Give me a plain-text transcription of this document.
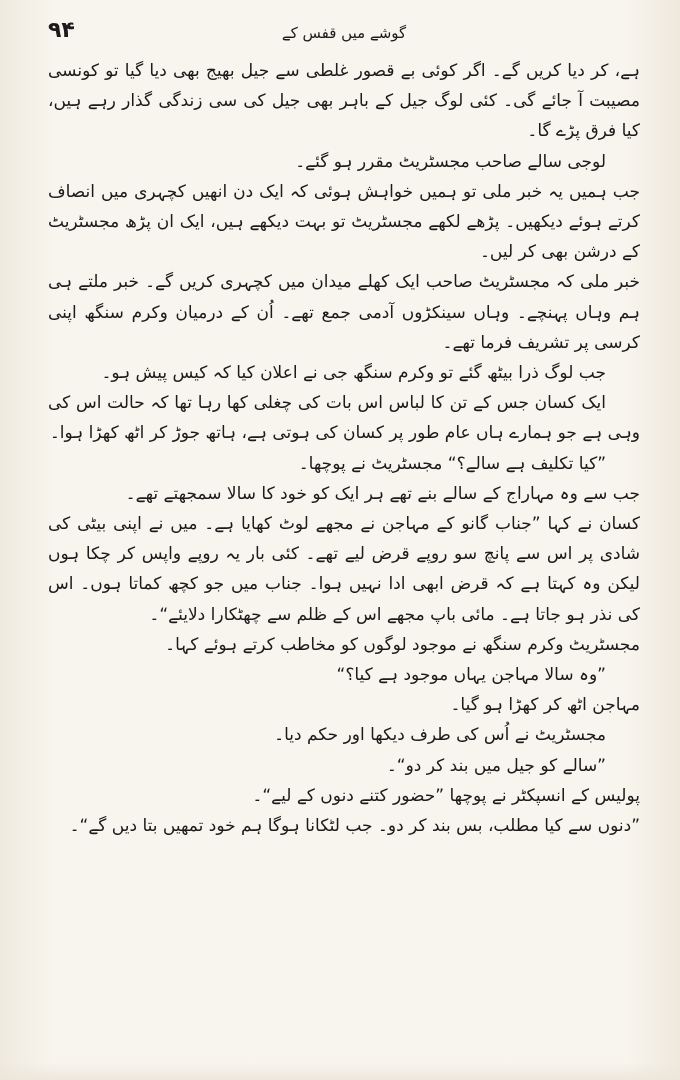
۹۴	گوشے میں قفس کے

ہے، کر دیا کریں گے۔ اگر کوئی بے قصور غلطی سے جیل بھیج بھی دیا گیا تو کونسی مصیبت آ جائے گی۔ کئی لوگ جیل کے باہر بھی جیل کی سی زندگی گذار رہے ہیں، کیا فرق پڑے گا۔

لوجی سالے صاحب مجسٹریٹ مقرر ہو گئے۔

جب ہمیں یہ خبر ملی تو ہمیں خواہش ہوئی کہ ایک دن انھیں کچہری میں انصاف کرتے ہوئے دیکھیں۔ پڑھے لکھے مجسٹریٹ تو بہت دیکھے ہیں، ایک ان پڑھ مجسٹریٹ کے درشن بھی کر لیں۔

خبر ملی کہ مجسٹریٹ صاحب ایک کھلے میدان میں کچہری کریں گے۔ خبر ملتے ہی ہم وہاں پہنچے۔ وہاں سینکڑوں آدمی جمع تھے۔ اُن کے درمیان وکرم سنگھ اپنی کرسی پر تشریف فرما تھے۔

جب لوگ ذرا بیٹھ گئے تو وکرم سنگھ جی نے اعلان کیا کہ کیس پیش ہو۔

ایک کسان جس کے تن کا لباس اس بات کی چغلی کھا رہا تھا کہ حالت اس کی وہی ہے جو ہمارے ہاں عام طور پر کسان کی ہوتی ہے، ہاتھ جوڑ کر اٹھ کھڑا ہوا۔

”کیا تکلیف ہے سالے؟“ مجسٹریٹ نے پوچھا۔

جب سے وہ مہاراج کے سالے بنے تھے ہر ایک کو خود کا سالا سمجھتے تھے۔

کسان نے کہا ”جناب گانو کے مہاجن نے مجھے لوٹ کھایا ہے۔ میں نے اپنی بیٹی کی شادی پر اس سے پانچ سو روپے قرض لیے تھے۔ کئی بار یہ روپے واپس کر چکا ہوں لیکن وہ کہتا ہے کہ قرض ابھی ادا نہیں ہوا۔ جناب میں جو کچھ کماتا ہوں۔ اس کی نذر ہو جاتا ہے۔ مائی باپ مجھے اس کے ظلم سے چھٹکارا دلایئے“۔

مجسٹریٹ وکرم سنگھ نے موجود لوگوں کو مخاطب کرتے ہوئے کہا۔

”وہ سالا مہاجن یہاں موجود ہے کیا؟“

مہاجن اٹھ کر کھڑا ہو گیا۔

مجسٹریٹ نے اُس کی طرف دیکھا اور حکم دیا۔

”سالے کو جیل میں بند کر دو“۔

پولیس کے انسپکٹر نے پوچھا ”حضور کتنے دنوں کے لیے“۔

”دنوں سے کیا مطلب، بس بند کر دو۔ جب لٹکانا ہوگا ہم خود تمھیں بتا دیں گے“۔
